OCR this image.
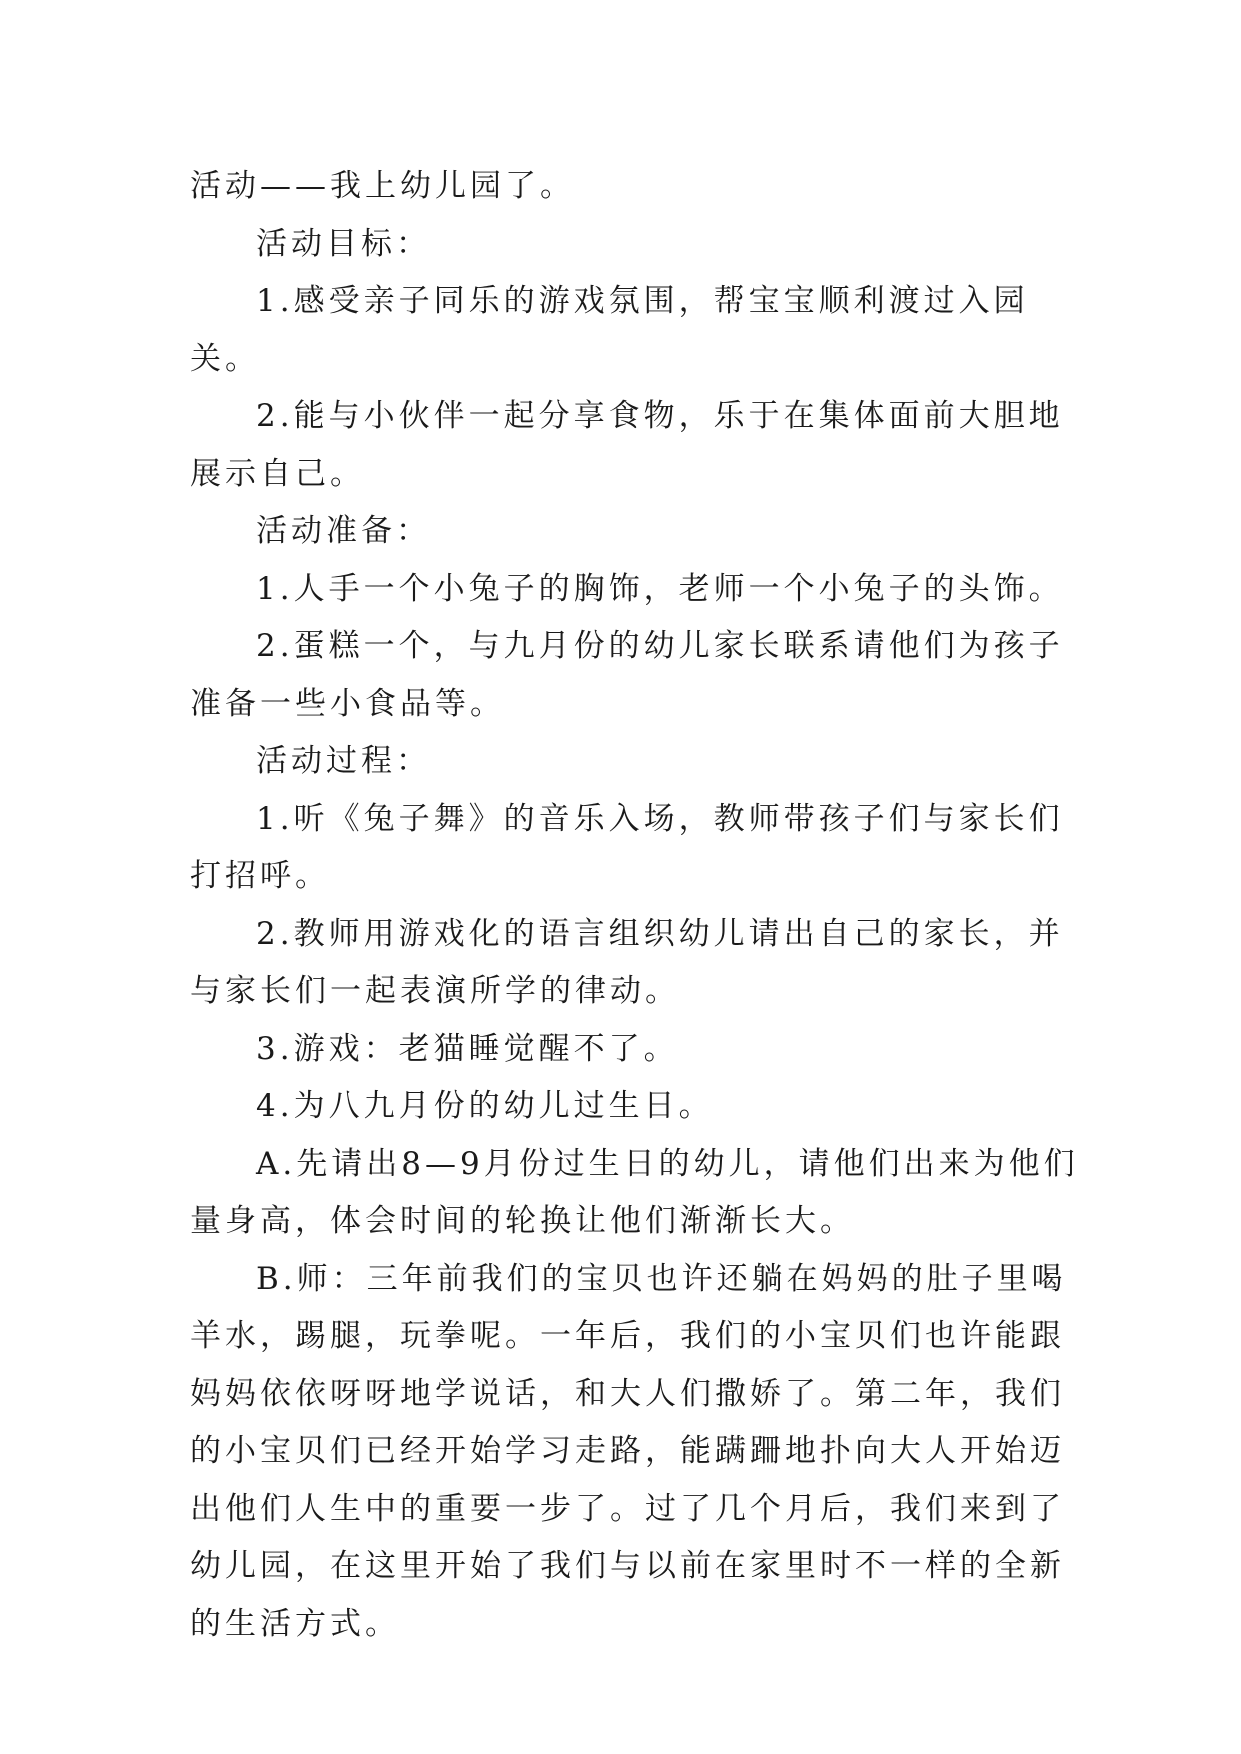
活动——我上幼儿园了。

活动目标：

1.感受亲子同乐的游戏氛围，帮宝宝顺利渡过入园关。

2.能与小伙伴一起分享食物，乐于在集体面前大胆地展示自己。

活动准备：

1.人手一个小兔子的胸饰，老师一个小兔子的头饰。

2.蛋糕一个，与九月份的幼儿家长联系请他们为孩子准备一些小食品等。

活动过程：

1.听《兔子舞》的音乐入场，教师带孩子们与家长们打招呼。

2.教师用游戏化的语言组织幼儿请出自己的家长，并与家长们一起表演所学的律动。

3.游戏：老猫睡觉醒不了。

4.为八九月份的幼儿过生日。

A.先请出8—9月份过生日的幼儿，请他们出来为他们量身高，体会时间的轮换让他们渐渐长大。

B.师：三年前我们的宝贝也许还躺在妈妈的肚子里喝羊水，踢腿，玩拳呢。一年后，我们的小宝贝们也许能跟妈妈依依呀呀地学说话，和大人们撒娇了。第二年，我们的小宝贝们已经开始学习走路，能蹒跚地扑向大人开始迈出他们人生中的重要一步了。过了几个月后，我们来到了幼儿园，在这里开始了我们与以前在家里时不一样的全新的生活方式。
